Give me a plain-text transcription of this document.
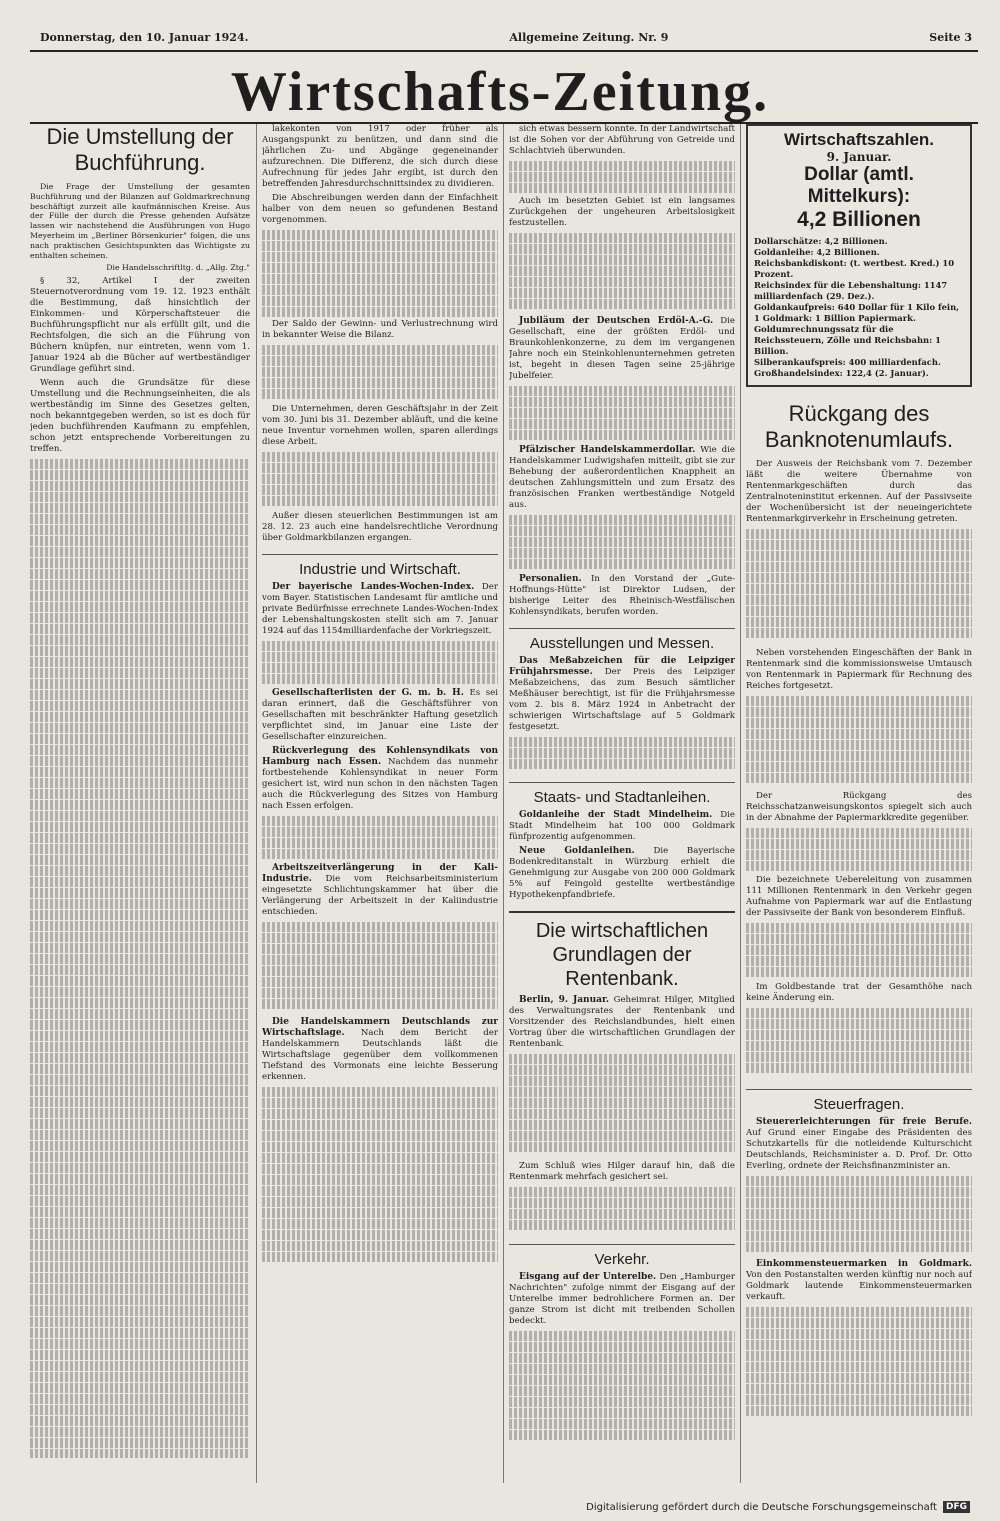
Donnerstag, den 10. Januar 1924.	Allgemeine Zeitung. Nr. 9	Seite 3
Wirtschafts-Zeitung.
Die Umstellung der Buchführung.

Die Frage der Umstellung der gesamten Buchführung und der Bilanzen auf Goldmarkrechnung beschäftigt zurzeit alle kaufmännischen Kreise. Aus der Fülle der durch die Presse gehenden Aufsätze lassen wir nachstehend die Ausführungen von Hugo Meyerheim im „Berliner Börsenkurier" folgen, die uns nach praktischen Gesichtspunkten das Wichtigste zu enthalten scheinen.

Die Handelsschriftltg. d. „Allg. Ztg."

§ 32, Artikel I der zweiten Steuernotverordnung vom 19. 12. 1923 enthält die Bestimmung, daß hinsichtlich der Einkommen- und Körperschaftsteuer die Buchführungspflicht nur als erfüllt gilt, und die Rechtsfolgen, die sich an die Führung von Büchern knüpfen, nur eintreten, wenn vom 1. Januar 1924 ab die Bücher auf wertbeständiger Grundlage geführt sind.

Wenn auch die Grundsätze für diese Umstellung und die Rechnungseinheiten, die als wertbeständig im Sinne des Gesetzes gelten, noch bekanntgegeben werden, so ist es doch für jeden buchführenden Kaufmann zu empfehlen, schon jetzt entsprechende Vorbereitungen zu treffen.

lakekonten von 1917 oder früher als Ausgangspunkt zu benützen, und dann sind die jährlichen Zu- und Abgänge gegeneinander aufzurechnen. Die Differenz, die sich durch diese Aufrechnung für jedes Jahr ergibt, ist durch den betreffenden Jahresdurchschnittsindex zu dividieren.

Die Abschreibungen werden dann der Einfachheit halber von dem neuen so gefundenen Bestand vorgenommen.

Der Saldo der Gewinn- und Verlustrechnung wird in bekannter Weise die Bilanz.

Die Unternehmen, deren Geschäftsjahr in der Zeit vom 30. Juni bis 31. Dezember abläuft, und die keine neue Inventur vornehmen wollen, sparen allerdings diese Arbeit.

Außer diesen steuerlichen Bestimmungen ist am 28. 12. 23 auch eine handelsrechtliche Verordnung über Goldmarkbilanzen ergangen.

Industrie und Wirtschaft.

Der bayerische Landes-Wochen-Index. Der vom Bayer. Statistischen Landesamt für amtliche und private Bedürfnisse errechnete Landes-Wochen-Index der Lebenshaltungskosten stellt sich am 7. Januar 1924 auf das 1154milliardenfache der Vorkriegszeit.

Gesellschafterlisten der G. m. b. H. Es sei daran erinnert, daß die Geschäftsführer von Gesellschaften mit beschränkter Haftung gesetzlich verpflichtet sind, im Januar eine Liste der Gesellschafter einzureichen.

Rückverlegung des Kohlensyndikats von Hamburg nach Essen. Nachdem das nunmehr fortbestehende Kohlensyndikat in neuer Form gesichert ist, wird nun schon in den nächsten Tagen auch die Rückverlegung des Sitzes von Hamburg nach Essen erfolgen.

Arbeitszeitverlängerung in der Kali-Industrie. Die vom Reichsarbeitsministerium eingesetzte Schlichtungskammer hat über die Verlängerung der Arbeitszeit in der Kaliindustrie entschieden.

Die Handelskammern Deutschlands zur Wirtschaftslage. Nach dem Bericht der Handelskammern Deutschlands läßt die Wirtschaftslage gegenüber dem vollkommenen Tiefstand des Vormonats eine leichte Besserung erkennen.

sich etwas bessern konnte. In der Landwirtschaft ist die Sohen vor der Abführung von Getreide und Schlachtvieh überwunden.

Auch im besetzten Gebiet ist ein langsames Zurückgehen der ungeheuren Arbeitslosigkeit festzustellen.

Jubiläum der Deutschen Erdöl-A.-G. Die Gesellschaft, eine der größten Erdöl- und Braunkohlenkonzerne, zu dem im vergangenen Jahre noch ein Steinkohlenunternehmen getreten ist, begeht in diesen Tagen seine 25-jährige Jubelfeier.

Pfälzischer Handelskammerdollar. Wie die Handelskammer Ludwigshafen mitteilt, gibt sie zur Behebung der außerordentlichen Knappheit an deutschen Zahlungsmitteln und zum Ersatz des französischen Franken wertbeständige Notgeld aus.

Personalien. In den Vorstand der „Gute-Hoffnungs-Hütte" ist Direktor Ludsen, der bisherige Leiter des Rheinisch-Westfälischen Kohlensyndikats, berufen worden.

Ausstellungen und Messen.

Das Meßabzeichen für die Leipziger Frühjahrsmesse. Der Preis des Leipziger Meßabzeichens, das zum Besuch sämtlicher Meßhäuser berechtigt, ist für die Frühjahrsmesse vom 2. bis 8. März 1924 in Anbetracht der schwierigen Wirtschaftslage auf 5 Goldmark festgesetzt.

Staats- und Stadtanleihen.

Goldanleihe der Stadt Mindelheim. Die Stadt Mindelheim hat 100 000 Goldmark fünfprozentig aufgenommen.

Neue Goldanleihen. Die Bayerische Bodenkreditanstalt in Würzburg erhielt die Genehmigung zur Ausgabe von 200 000 Goldmark 5% auf Feingold gestellte wertbeständige Hypothekenpfandbriefe.

Die wirtschaftlichen Grundlagen der Rentenbank.

Berlin, 9. Januar. Geheimrat Hilger, Mitglied des Verwaltungsrates der Rentenbank und Vorsitzender des Reichslandbundes, hielt einen Vortrag über die wirtschaftlichen Grundlagen der Rentenbank.

Zum Schluß wies Hilger darauf hin, daß die Rentenmark mehrfach gesichert sei.

Verkehr.

Eisgang auf der Unterelbe. Den „Hamburger Nachrichten" zufolge nimmt der Eisgang auf der Unterelbe immer bedrohlichere Formen an. Der ganze Strom ist dicht mit treibenden Schollen bedeckt.

Wirtschaftszahlen.
9. Januar.
Dollar (amtl. Mittelkurs):
4,2 Billionen
Dollarschätze: 4,2 Billionen.
Goldanleihe: 4,2 Billionen.
Reichsbankdiskont: (t. wertbest. Kred.) 10 Prozent.
Reichsindex für die Lebenshaltung: 1147 milliardenfach (29. Dez.).
Goldankaufpreis: 640 Dollar für 1 Kilo fein, 1 Goldmark: 1 Billion Papiermark.
Goldumrechnungssatz für die Reichssteuern, Zölle und Reichsbahn: 1 Billion.
Silberankaufspreis: 400 milliardenfach.
Großhandelsindex: 122,4 (2. Januar).
Rückgang des Banknotenumlaufs.

Der Ausweis der Reichsbank vom 7. Dezember läßt die weitere Übernahme von Rentenmarkgeschäften durch das Zentralnoteninstitut erkennen. Auf der Passivseite der Wochenübersicht ist der neueingerichtete Rentenmarkgirverkehr in Erscheinung getreten.

Neben vorstehenden Eingeschäften der Bank in Rentenmark sind die kommissionsweise Umtausch von Rentenmark in Papiermark für Rechnung des Reiches fortgesetzt.

Der Rückgang des Reichsschatzanweisungskontos spiegelt sich auch in der Abnahme der Papiermarkkredite gegenüber.

Die bezeichnete Uebereleitung von zusammen 111 Millionen Rentenmark in den Verkehr gegen Aufnahme von Papiermark war auf die Entlastung der Passivseite der Bank von besonderem Einfluß.

Im Goldbestande trat der Gesamthöhe nach keine Änderung ein.

Steuerfragen.

Steuererleichterungen für freie Berufe. Auf Grund einer Eingabe des Präsidenten des Schutzkartells für die notleidende Kulturschicht Deutschlands, Reichsminister a. D. Prof. Dr. Otto Everling, ordnete der Reichsfinanzminister an.

Einkommensteuermarken in Goldmark. Von den Postanstalten werden künftig nur noch auf Goldmark lautende Einkommensteuermarken verkauft.

Digitalisierung gefördert durch die Deutsche Forschungsgemeinschaft	DFG
